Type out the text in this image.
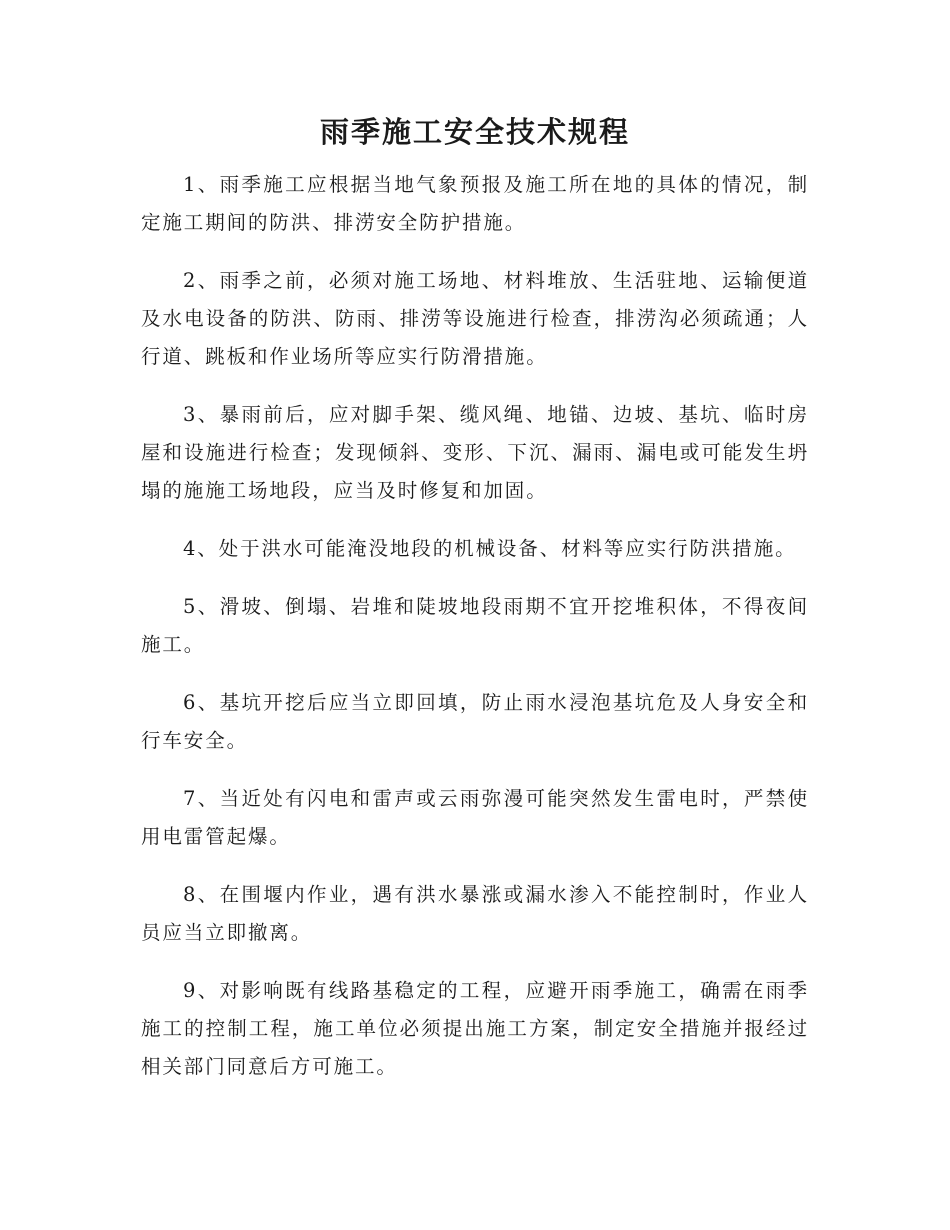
雨季施工安全技术规程

1、雨季施工应根据当地气象预报及施工所在地的具体的情况，制定施工期间的防洪、排涝安全防护措施。

2、雨季之前，必须对施工场地、材料堆放、生活驻地、运输便道及水电设备的防洪、防雨、排涝等设施进行检查，排涝沟必须疏通；人行道、跳板和作业场所等应实行防滑措施。

3、暴雨前后，应对脚手架、缆风绳、地锚、边坡、基坑、临时房屋和设施进行检查；发现倾斜、变形、下沉、漏雨、漏电或可能发生坍塌的施施工场地段，应当及时修复和加固。

4、处于洪水可能淹没地段的机械设备、材料等应实行防洪措施。

5、滑坡、倒塌、岩堆和陡坡地段雨期不宜开挖堆积体，不得夜间施工。

6、基坑开挖后应当立即回填，防止雨水浸泡基坑危及人身安全和行车安全。

7、当近处有闪电和雷声或云雨弥漫可能突然发生雷电时，严禁使用电雷管起爆。

8、在围堰内作业，遇有洪水暴涨或漏水渗入不能控制时，作业人员应当立即撤离。

9、对影响既有线路基稳定的工程，应避开雨季施工，确需在雨季施工的控制工程，施工单位必须提出施工方案，制定安全措施并报经过相关部门同意后方可施工。
